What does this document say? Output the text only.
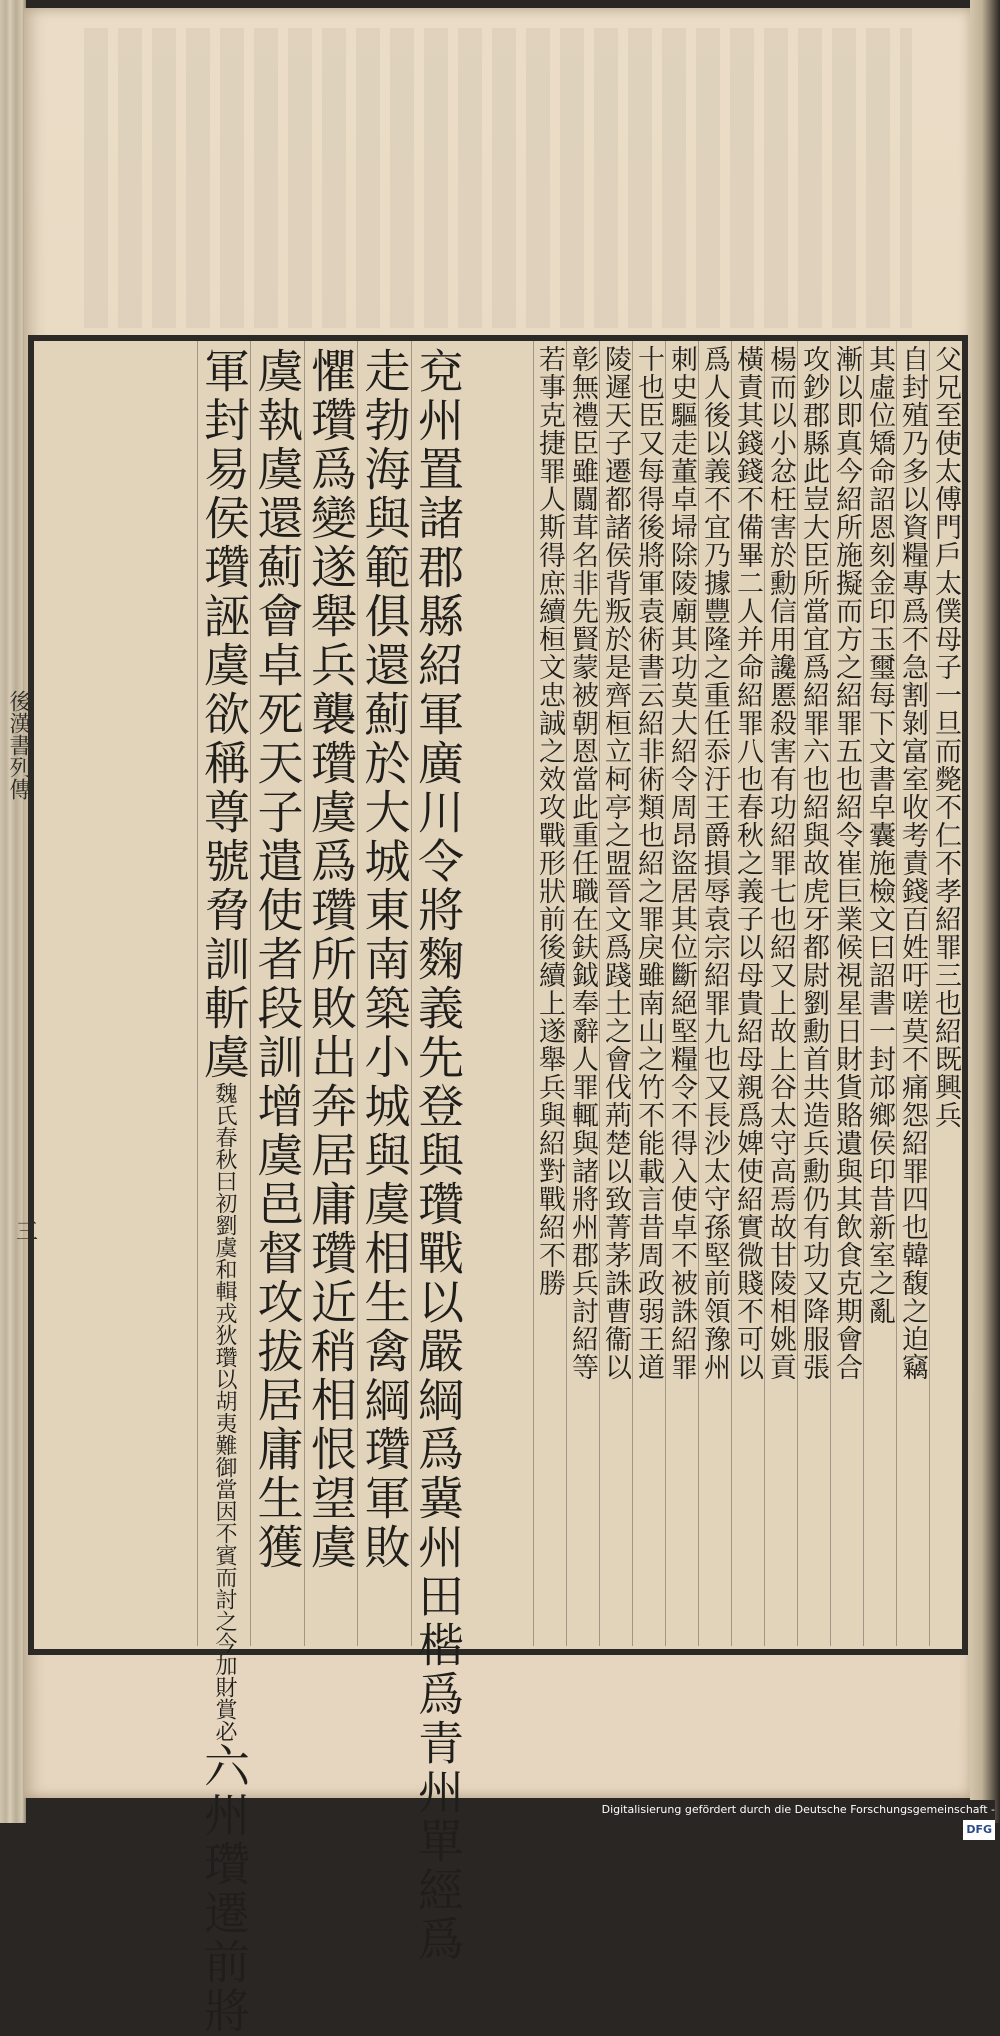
兗州置諸郡縣紹軍廣川令將麴義先登與瓚戰以嚴綱爲冀州田楷爲青州單經爲
走勃海與範俱還薊於大城東南築小城與虞相生禽綱瓚軍敗
懼瓚爲變遂舉兵襲瓚虞爲瓚所敗出奔居庸瓚近稍相恨望虞
虞執虞還薊會卓死天子遣使者段訓增虞邑督攻拔居庸生獲
軍封易侯瓚誣虞欲稱尊號脅訓斬虞魏氏春秋曰初劉虞和輯戎狄瓚以胡夷難御當因不賓而討之今加財賞必六州瓚遷前將
父兄至使太傅門戶太僕母子一旦而斃不仁不孝紹罪三也紹既興兵
自封殖乃多以資糧專爲不急割剝富室收考責錢百姓吁嗟莫不痛怨紹罪四也韓馥之迫竊
其虛位矯命詔恩刻金印玉璽每下文書皁囊施檢文曰詔書一封邟鄉侯印昔新室之亂
漸以即真今紹所施擬而方之紹罪五也紹令崔巨業候視星日財貨賂遺與其飲食克期會合
攻鈔郡縣此豈大臣所當宜爲紹罪六也紹與故虎牙都尉劉勳首共造兵勳仍有功又降服張
楊而以小忿枉害於勳信用讒慝殺害有功紹罪七也紹又上故上谷太守高焉故甘陵相姚貢
橫責其錢錢不備畢二人并命紹罪八也春秋之義子以母貴紹母親爲婢使紹實微賤不可以
爲人後以義不宜乃據豐隆之重任忝汙王爵損辱袁宗紹罪九也又長沙太守孫堅前領豫州
刺史驅走董卓埽除陵廟其功莫大紹令周昂盜居其位斷絕堅糧令不得入使卓不被誅紹罪
十也臣又每得後將軍袁術書云紹非術類也紹之罪戾雖南山之竹不能載言昔周政弱王道
陵遲天子遷都諸侯背叛於是齊桓立柯亭之盟晉文爲踐土之會伐荊楚以致菁茅誅曹衞以
彰無禮臣雖闒茸名非先賢蒙被朝恩當此重任職在鈇鉞奉辭人罪輒與諸將州郡兵討紹等
若事克捷罪人斯得庶續桓文忠誠之效攻戰形狀前後續上遂舉兵與紹對戰紹不勝
後漢書列傳
三
Digitalisierung gefördert durch die Deutsche Forschungsgemeinschaft -DFG
